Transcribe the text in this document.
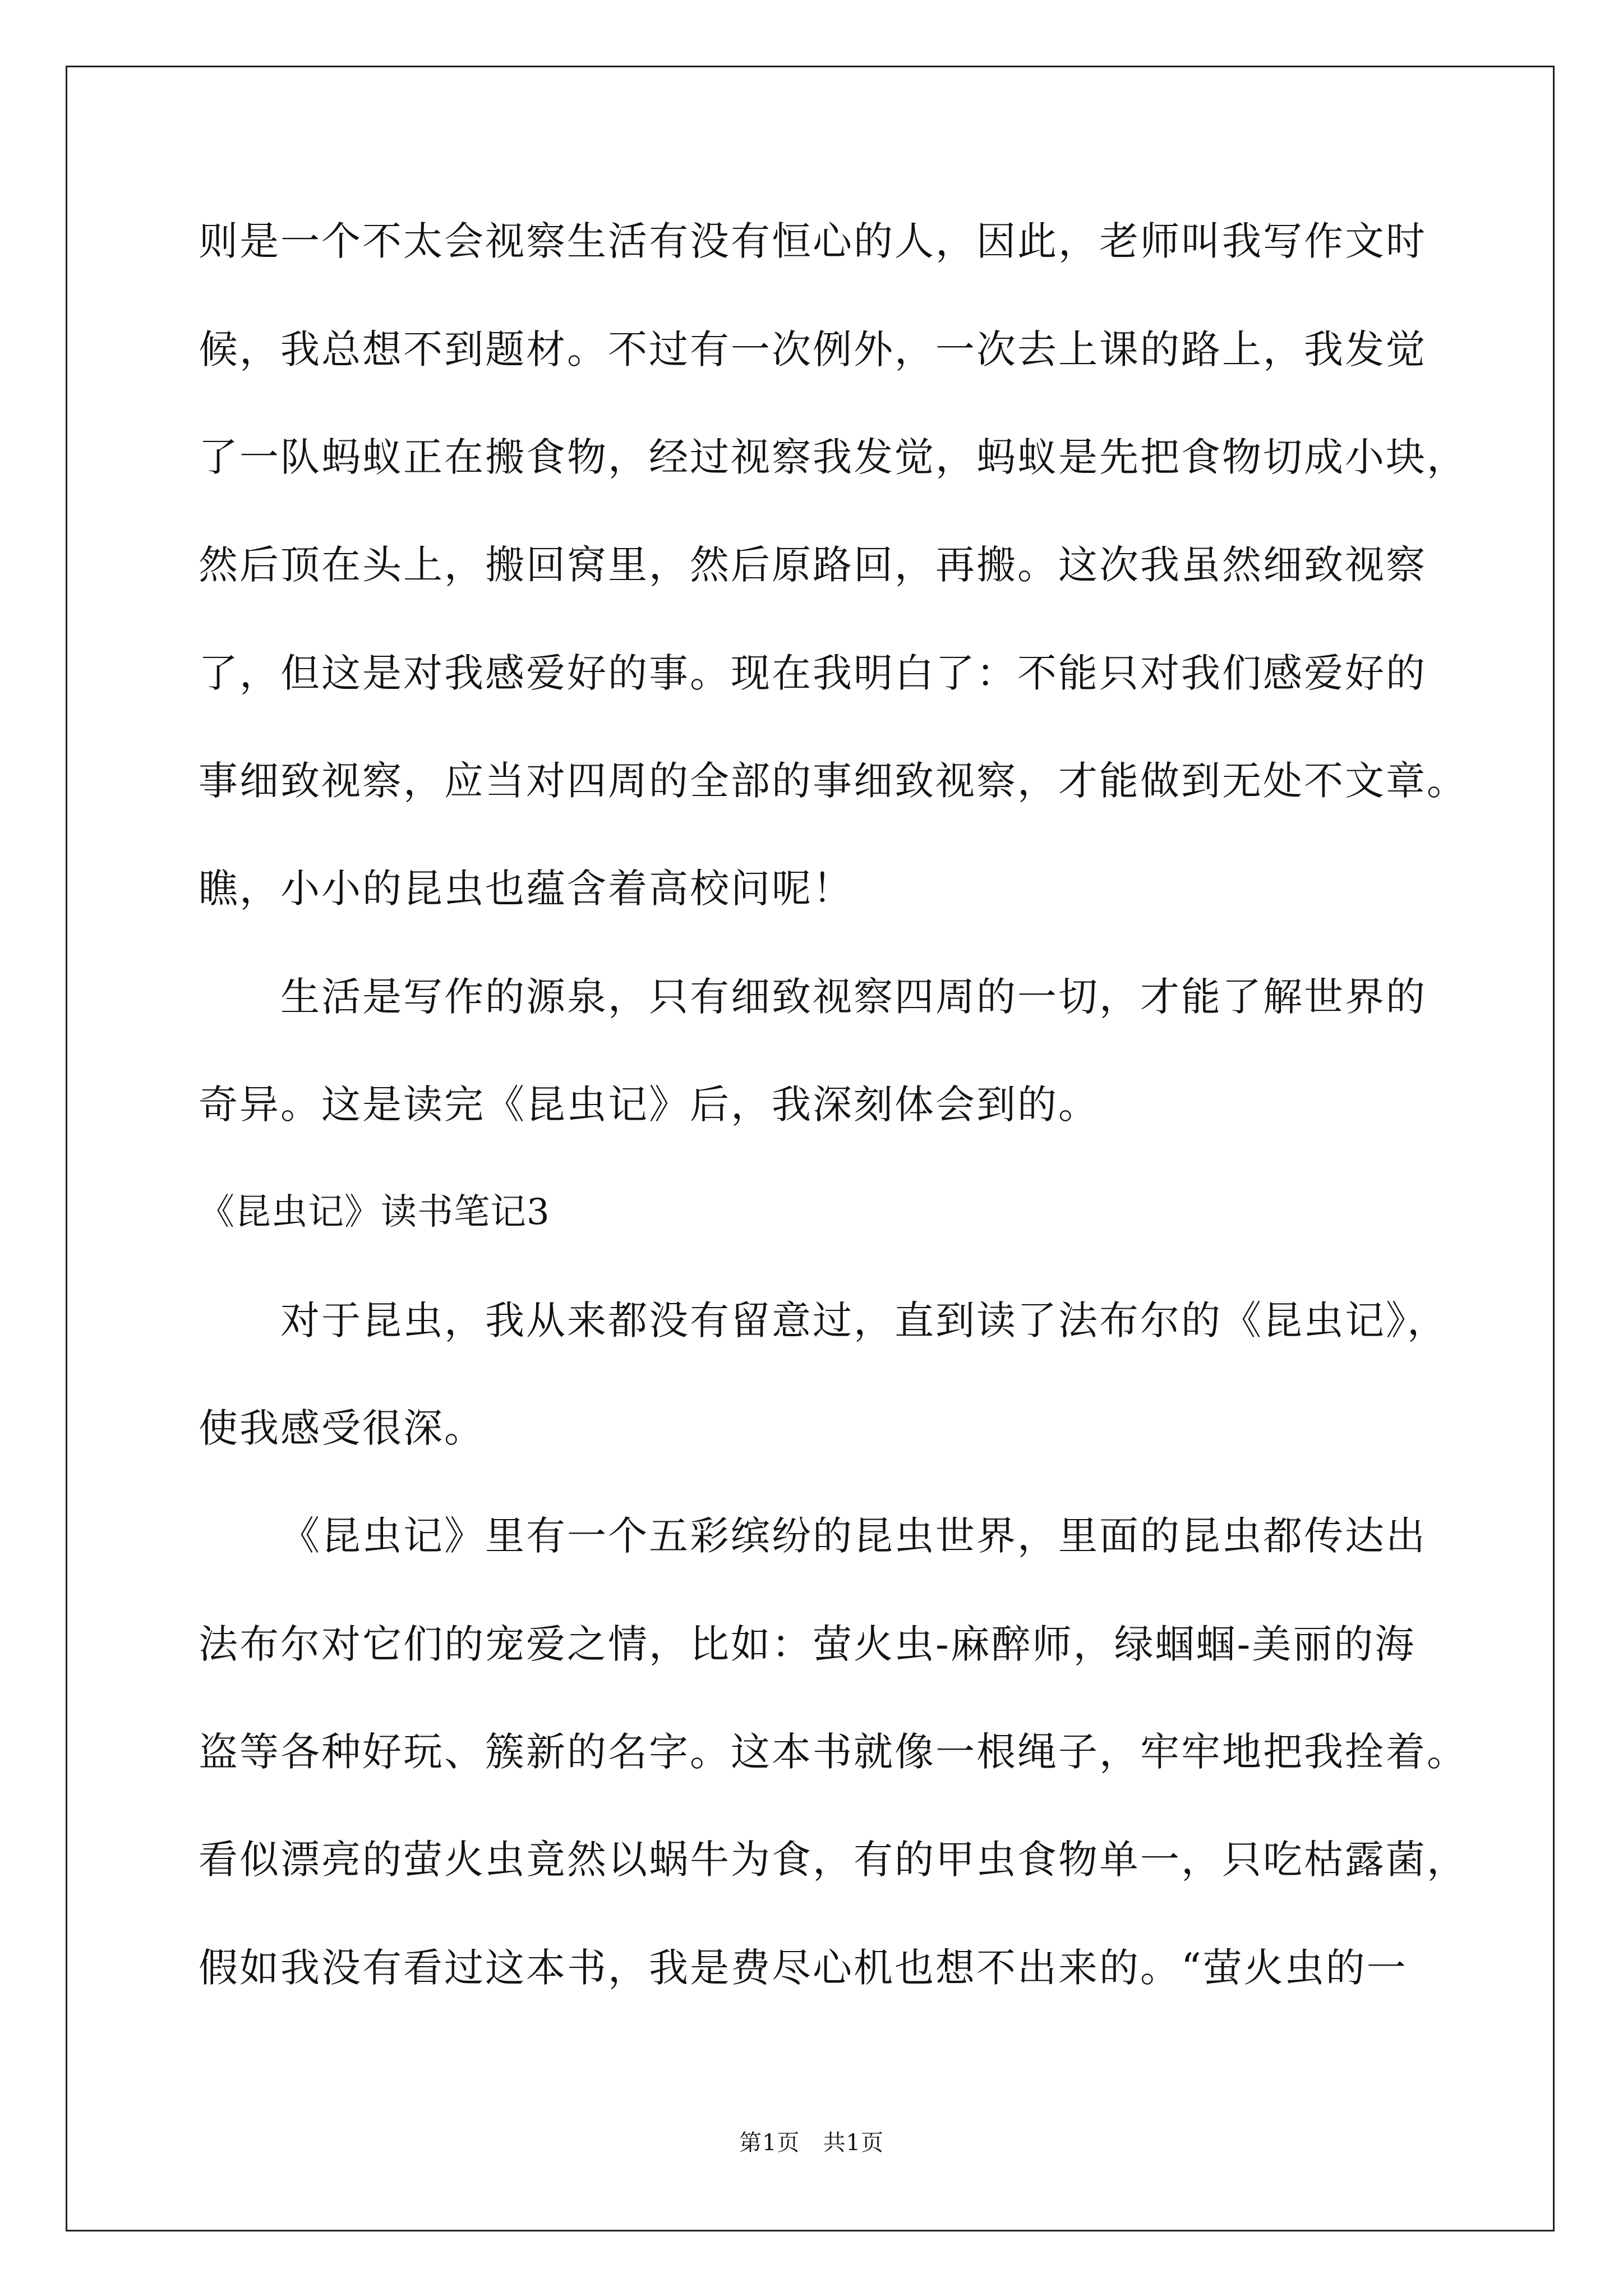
则是一个不太会视察生活有没有恒心的人，因此，老师叫我写作文时
候，我总想不到题材。不过有一次例外，一次去上课的路上，我发觉
了一队蚂蚁正在搬食物，经过视察我发觉，蚂蚁是先把食物切成小块，
然后顶在头上，搬回窝里，然后原路回，再搬。这次我虽然细致视察
了，但这是对我感爱好的事。现在我明白了：不能只对我们感爱好的
事细致视察，应当对四周的全部的事细致视察，才能做到无处不文章。
瞧，小小的昆虫也蕴含着高校问呢！
生活是写作的源泉，只有细致视察四周的一切，才能了解世界的
奇异。这是读完《昆虫记》后，我深刻体会到的。
《昆虫记》读书笔记3
对于昆虫，我从来都没有留意过，直到读了法布尔的《昆虫记》，
使我感受很深。
《昆虫记》里有一个五彩缤纷的昆虫世界，里面的昆虫都传达出
法布尔对它们的宠爱之情，比如：萤火虫-麻醉师，绿蝈蝈-美丽的海
盗等各种好玩、簇新的名字。这本书就像一根绳子，牢牢地把我拴着。
看似漂亮的萤火虫竟然以蜗牛为食，有的甲虫食物单一，只吃枯露菌，
假如我没有看过这本书，我是费尽心机也想不出来的。“萤火虫的一
第1页   共1页
